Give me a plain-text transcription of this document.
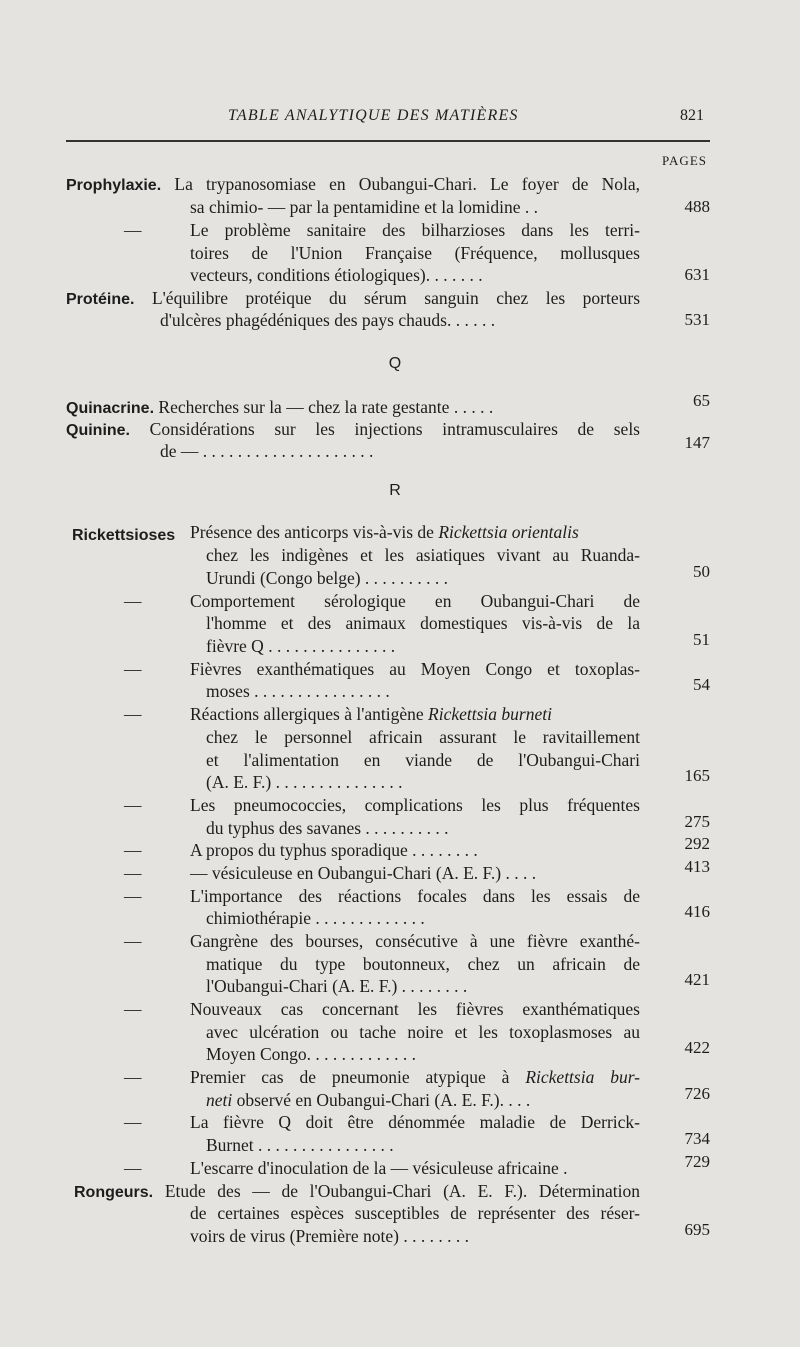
TABLE ANALYTIQUE DES MATIÈRES	821
PAGES
Prophylaxie. La trypanosomiase en Oubangui-Chari. Le foyer de Nola,
sa chimio- — par la pentamidine et la lomidine . .	488
—	Le problème sanitaire des bilharzioses dans les terri-
toires de l'Union Française (Fréquence, mollusques
vecteurs, conditions étiologiques). . . . . . .	631
Protéine. L'équilibre protéique du sérum sanguin chez les porteurs
d'ulcères phagédéniques des pays chauds. . . . . .	531
Q
Quinacrine. Recherches sur la — chez la rate gestante . . . . .	65
Quinine. Considérations sur les injections intramusculaires de sels
de — . . . . . . . . . . . . . . . . . . . .	147
R
Rickettsioses Présence des anticorps vis-à-vis de Rickettsia orientalis
chez les indigènes et les asiatiques vivant au Ruanda-
Urundi (Congo belge) . . . . . . . . . .	50
—	Comportement sérologique en Oubangui-Chari de
l'homme et des animaux domestiques vis-à-vis de la
fièvre Q . . . . . . . . . . . . . . .	51
—	Fièvres exanthématiques au Moyen Congo et toxoplas-
moses . . . . . . . . . . . . . . . .	54
—	Réactions allergiques à l'antigène Rickettsia burneti
chez le personnel africain assurant le ravitaillement
et l'alimentation en viande de l'Oubangui-Chari
(A. E. F.) . . . . . . . . . . . . . . .	165
—	Les pneumococcies, complications les plus fréquentes
du typhus des savanes . . . . . . . . . .	275
—	A propos du typhus sporadique . . . . . . . .	292
—	— vésiculeuse en Oubangui-Chari (A. E. F.) . . . .	413
—	L'importance des réactions focales dans les essais de
chimiothérapie . . . . . . . . . . . . .	416
—	Gangrène des bourses, consécutive à une fièvre exanthé-
matique du type boutonneux, chez un africain de
l'Oubangui-Chari (A. E. F.) . . . . . . . .	421
—	Nouveaux cas concernant les fièvres exanthématiques
avec ulcération ou tache noire et les toxoplasmoses au
Moyen Congo. . . . . . . . . . . . .	422
—	Premier cas de pneumonie atypique à Rickettsia bur-
neti observé en Oubangui-Chari (A. E. F.). . . .	726
—	La fièvre Q doit être dénommée maladie de Derrick-
Burnet . . . . . . . . . . . . . . . .	734
—	L'escarre d'inoculation de la — vésiculeuse africaine .	729
Rongeurs. Etude des — de l'Oubangui-Chari (A. E. F.). Détermination
de certaines espèces susceptibles de représenter des réser-
voirs de virus (Première note) . . . . . . . .	695
